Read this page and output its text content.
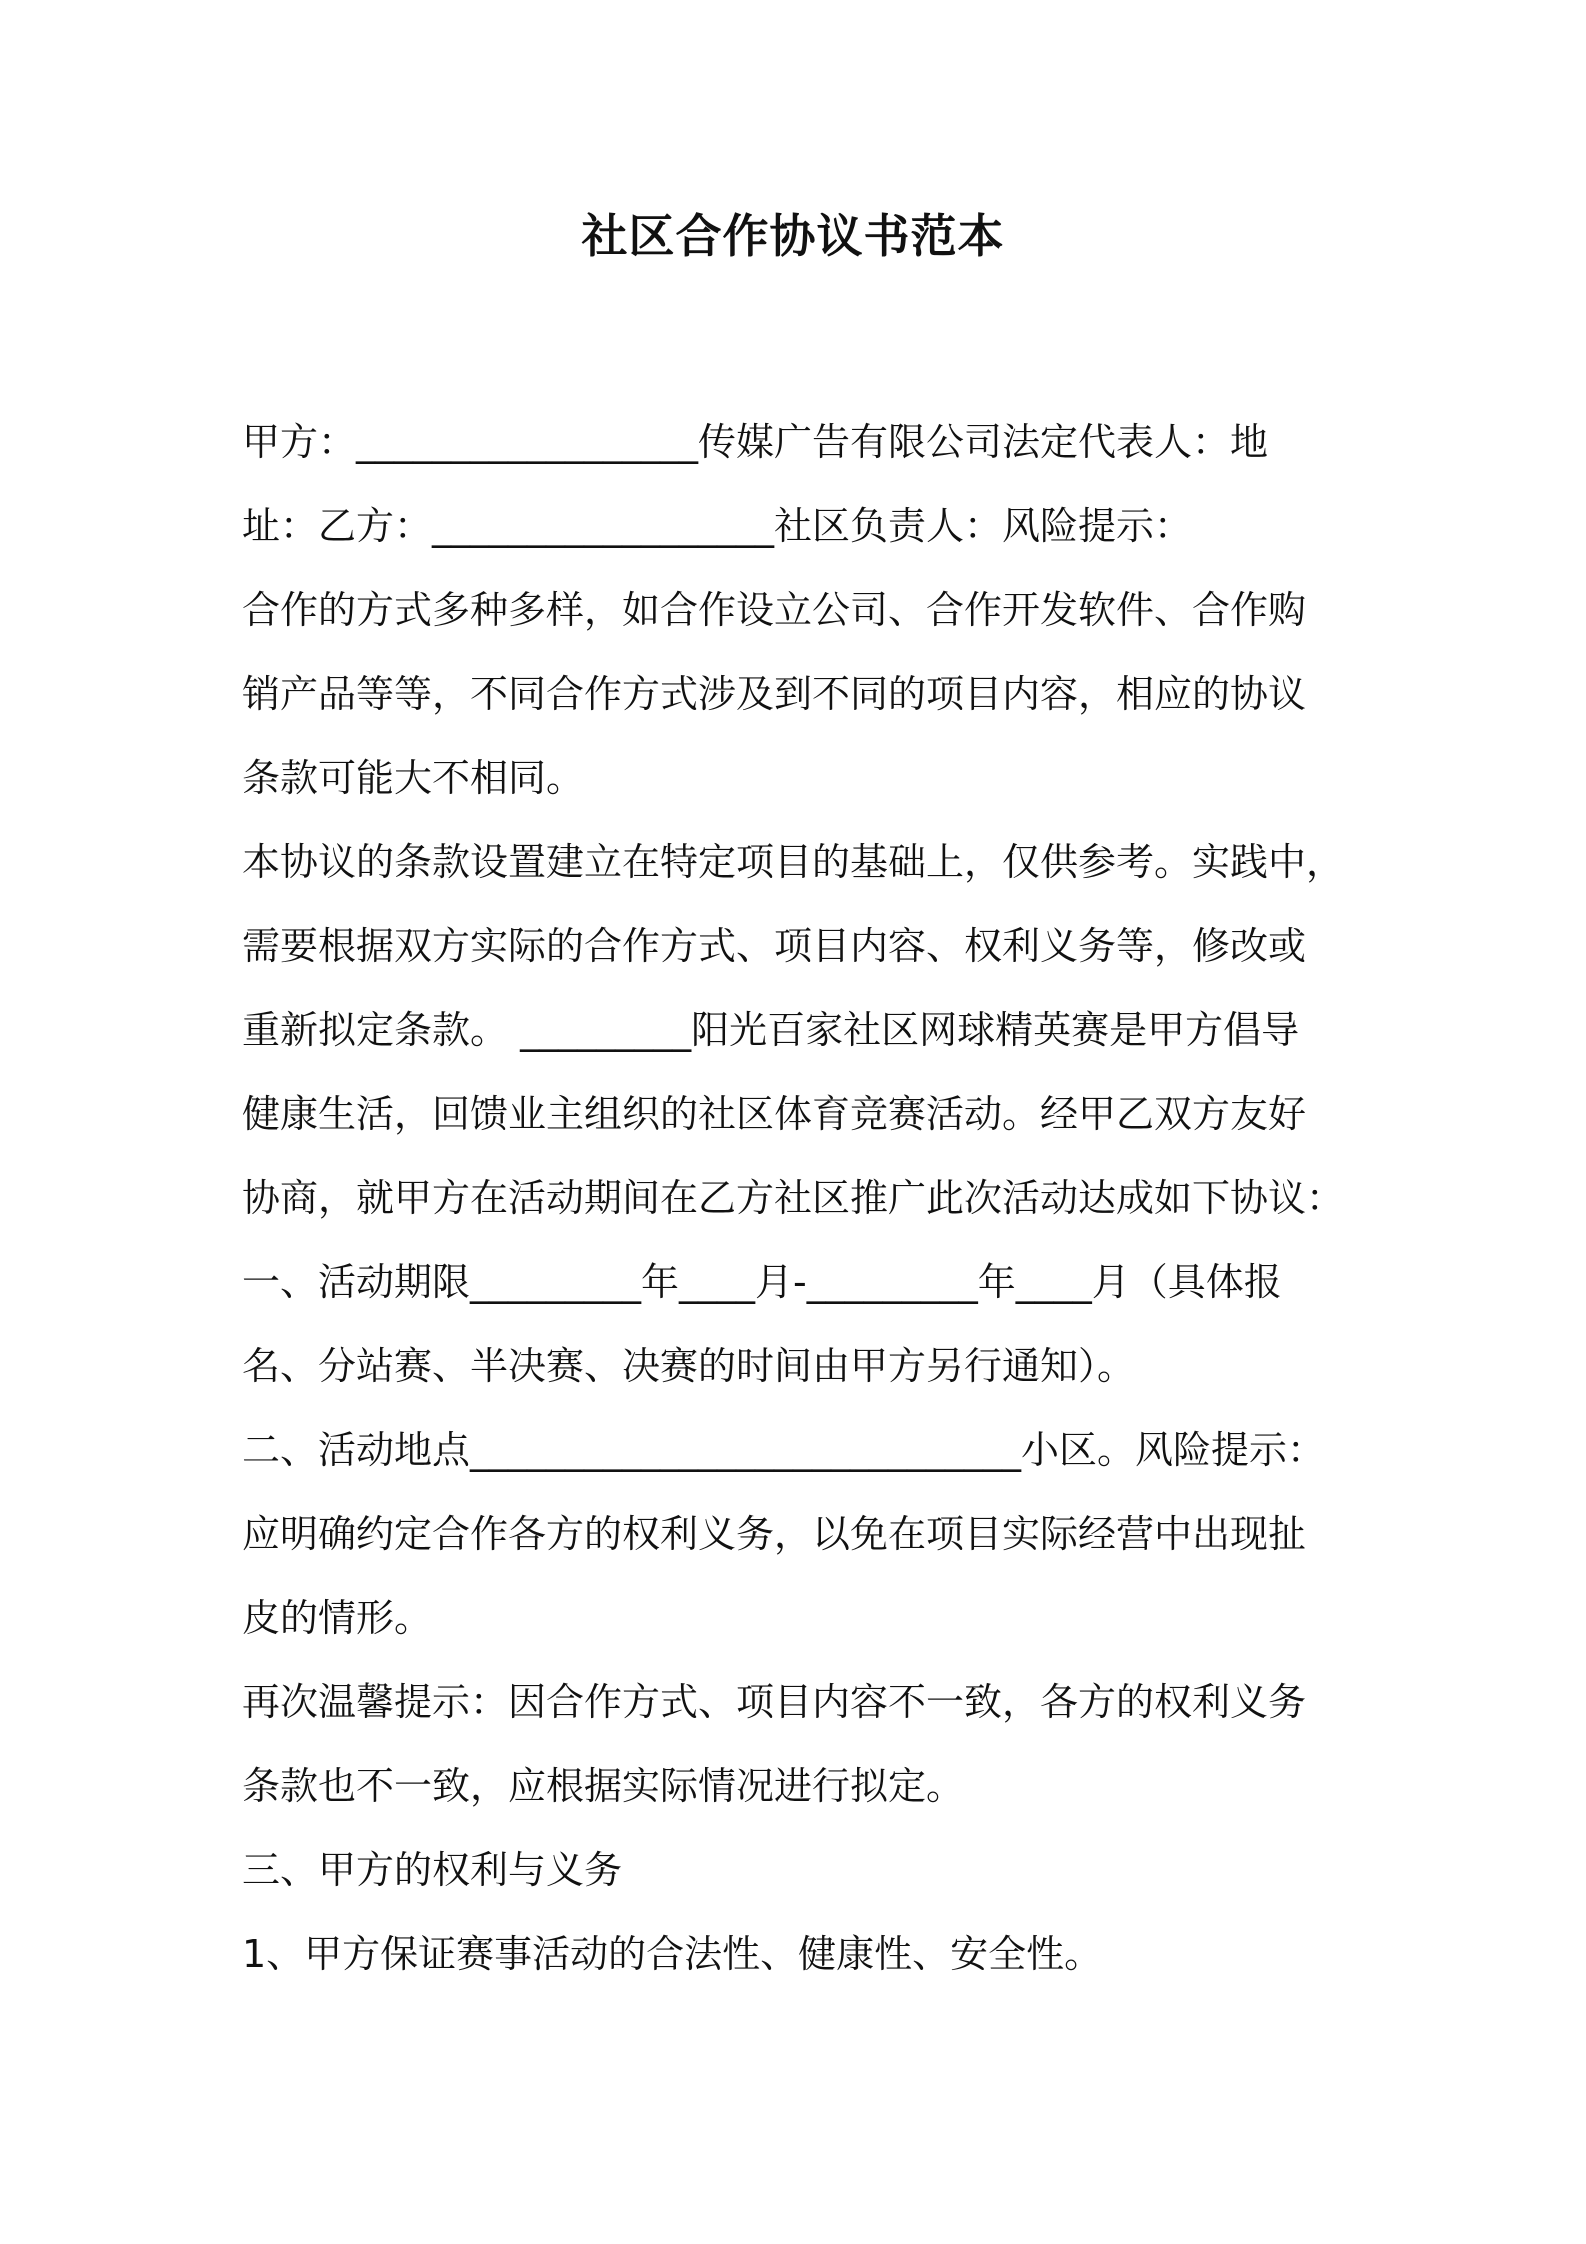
社区合作协议书范本
甲方：__________________传媒广告有限公司法定代表人：地
址：乙方：__________________社区负责人：风险提示：
合作的方式多种多样，如合作设立公司、合作开发软件、合作购
销产品等等，不同合作方式涉及到不同的项目内容，相应的协议
条款可能大不相同。
本协议的条款设置建立在特定项目的基础上，仅供参考。实践中，
需要根据双方实际的合作方式、项目内容、权利义务等，修改或
重新拟定条款。 _________阳光百家社区网球精英赛是甲方倡导
健康生活，回馈业主组织的社区体育竞赛活动。经甲乙双方友好
协商，就甲方在活动期间在乙方社区推广此次活动达成如下协议：
一、活动期限_________年____月-_________年____月（具体报
名、分站赛、半决赛、决赛的时间由甲方另行通知）。
二、活动地点_____________________________小区。风险提示：
应明确约定合作各方的权利义务，以免在项目实际经营中出现扯
皮的情形。
再次温馨提示：因合作方式、项目内容不一致，各方的权利义务
条款也不一致，应根据实际情况进行拟定。
三、甲方的权利与义务
1、甲方保证赛事活动的合法性、健康性、安全性。
